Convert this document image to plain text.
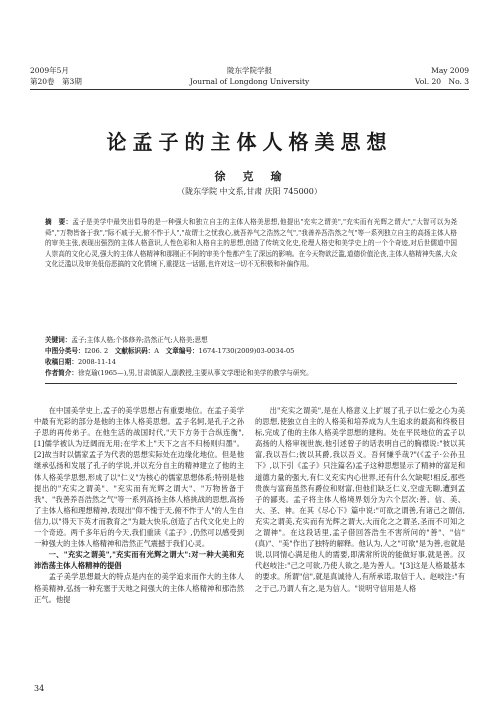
2009年5月	陇东学院学报	May 2009
第20卷　第3期	Journal of Longdong University	Vol. 20　No. 3
论孟子的主体人格美思想
徐　克　瑜
（陇东学院 中文系,甘肃 庆阳 745000）
摘　要：孟子是美学中最突出倡导的是一种强大和独立自主的主体人格美思想,他提出"充实之谓美","充实而有光辉之谓大","大智可以为尧舜","万物皆备于我","际不戚于天,俯不怍于人","故谓士之忧我心,就吾养气之浩然之气","我善养吾浩然之气"等一系列独立自主的高扬主体人格的审美主张,表现出强烈的主体人格意识,人性色彩和人格自主的思想,创造了传统文化史,伦理人格史和美学史上的一个个奇迹,对后世儒道中国人崇高的文化心灵,强大的主体人格精神和那刚正不阿的审美个性都产生了深远的影响。在今天物欲泛滥,道德价值沦丧,主体人格精神失落,大众文化泛滥以及审美低俗恶搞的文化情境下,重提这一话题,也许对这一切不无积极和补偏作用。
关键词：孟子;主体人格;个体修养;浩然正气;人格美;思想
中图分类号：I206. 2　 文献标识码：A　 文章编号：1674-1730(2009)03-0034-05
收稿日期：2008-11-14
作者简介：徐克瑜(1965—),男,甘肃镇原人,副教授,主要从事文学理论和美学的教学与研究。

在中国美学史上,孟子的美学思想占有重要地位。在孟子美学中最有光彩的部分是他的主体人格美思想。孟子名轲,是孔子之孙子思的再传弟子。在他生活的战国时代,"天下方务于合纵连衡",[1]儒学被认为迂阔而无用;在学术上"天下之言不归杨则归墨"。[2]故当时以儒家孟子为代表的思想实际处在边缘化地位。但是他继承弘扬和发展了孔子的学说,并以充分自主的精神建立了他的主体人格美学思想,形成了以"仁义"为核心的儒家思想体系;特别是他提出的"充实之谓美"、"充实而有光辉之谓大"、"万物皆备于我"、"我善养吾浩然之气"等一系列高扬主体人格挑战的思想,高扬了主体人格和理想精神,表现出"仰不愧于天,俯不怍于人"的人生自信力,以"得天下英才而教育之"为最大快乐,创造了古代文化史上的一个奇迹。两千多年后的今天,我们重读《孟子》,仍然可以感受到一种强大的主体人格精神和浩然正气震撼于我们心灵。

一、"充实之谓美","充实而有光辉之谓大":对一种大美和充沛浩荡主体人格精神的提倡

孟子美学思想最大的特点是内在的美学追求而作大的主体人格美精神,弘扬一种充塞于天地之间强大的主体人格精神和那浩然正气。他提

出"充实之谓美",是在人格意义上扩展了孔子以仁爱之心为美的思想,使独立自主的人格美和培养成为人生追求的最高和终极目标,完成了他的主体人格美学思想的建构。处在平民地位的孟子以高扬的人格审视世族,他引述曾子的话表明自己的胸襟说:"彼以其富,我以吾仁;彼以其爵,我以吾义。吾何慊乎哉?"(《孟子·公孙丑下》,以下引《孟子》只注篇名)孟子这种思想显示了精神的富足和道德力量的强大,有仁义充实内心世界,还有什么欠缺呢!相反,那些贵族与富商虽然有爵位和财富,但他们缺乏仁义,空虚无聊,遭到孟子的鄙夷。孟子将主体人格境界划分为六个层次:善、信、美、大、圣、神。在其《尽心下》篇中说:"可欲之谓善,有诸己之谓信,充实之谓美,充实而有光辉之谓大,大而化之之谓圣,圣而不可知之之谓神"。在这段话里,孟子借回答浩生不害所问的"善"、"信"(真)"、"美"作出了独特的解释。他认为,人之"可欲"是为善,也就是说,以同情心满足他人的需要,即满常所说的能做好事,就是善。汉代赵岐注:"己之可欲,乃使人欲之,是为善人。"[3]这是人格最基本的要求。所谓"信",就是真诚待人,有所承诺,取信于人。赵岐注:"有之于己,乃谓人有之,是为信人。"说明守信用是人格

34
